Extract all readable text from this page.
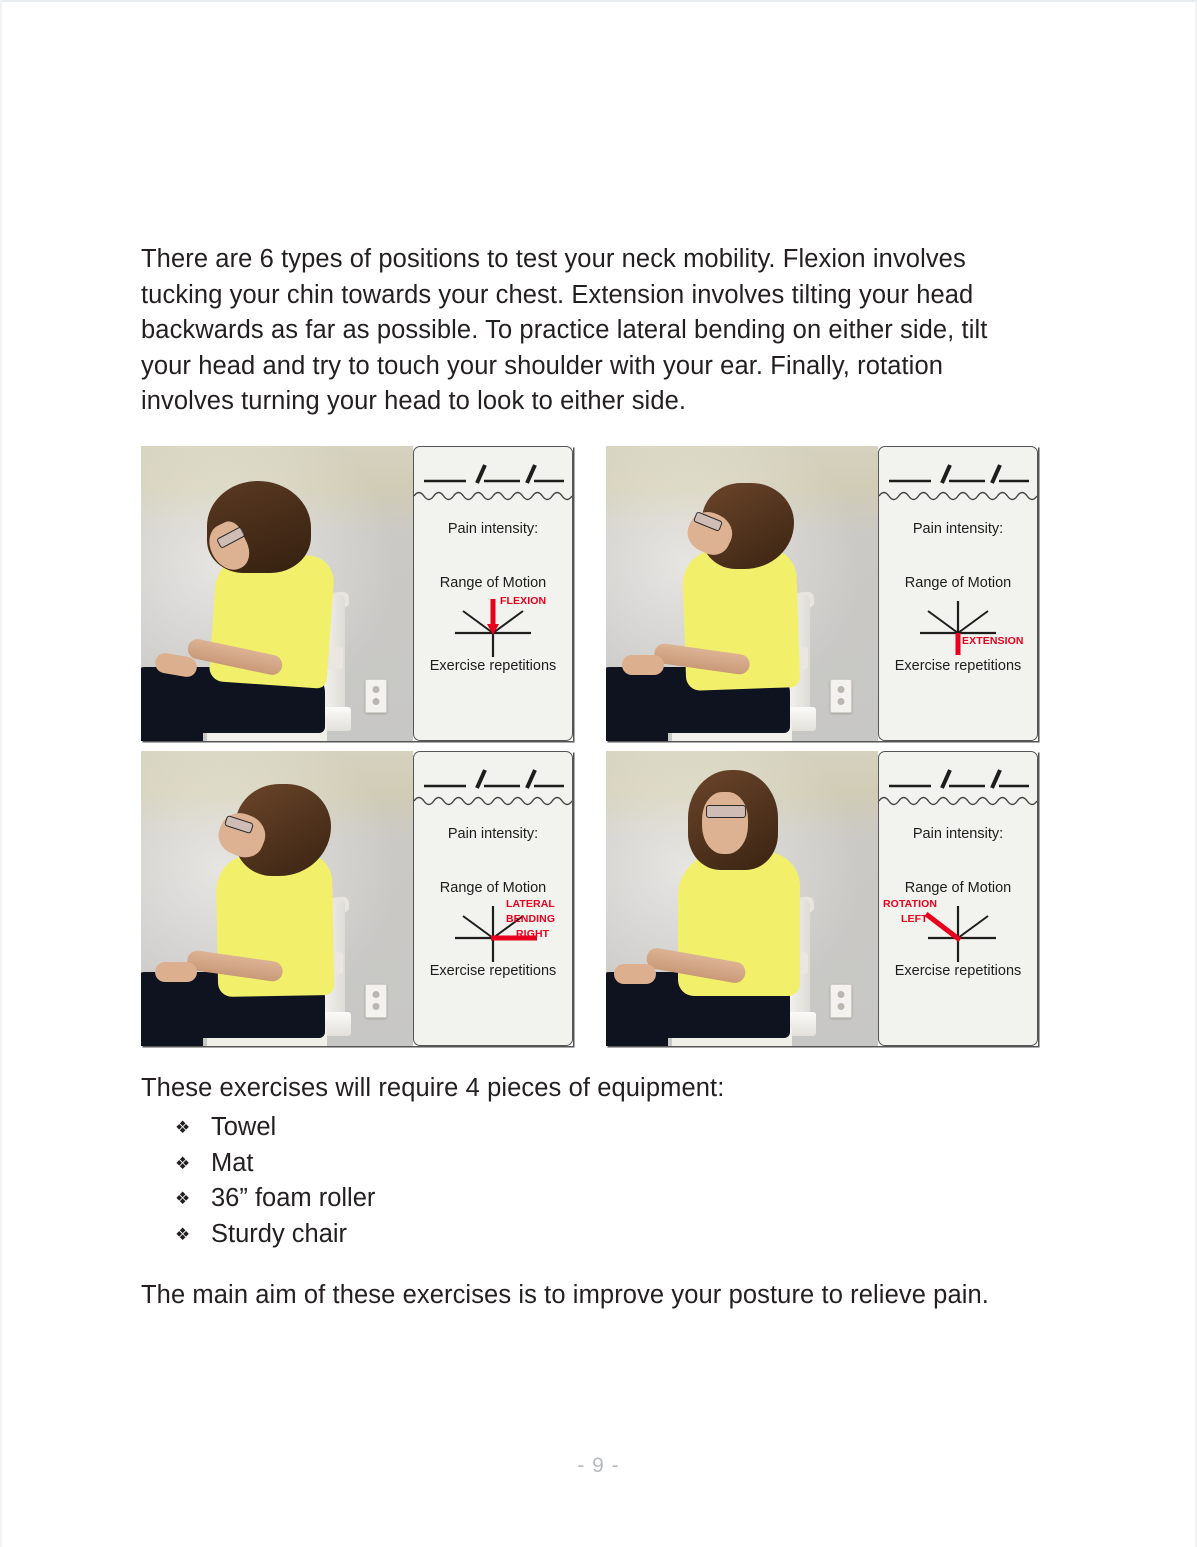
There are 6 types of positions to test your neck mobility. Flexion involves tucking your chin towards your chest. Extension involves tilting your head backwards as far as possible. To practice lateral bending on either side, tilt your head and try to touch your shoulder with your ear. Finally, rotation involves turning your head to look to either side.

Pain intensity:
Range of Motion
FLEXION
Exercise repetitions
Pain intensity:
Range of Motion
EXTENSION
Exercise repetitions
Pain intensity:
Range of Motion
LATERAL
BENDING
RIGHT
Exercise repetitions
Pain intensity:
Range of Motion
ROTATION
LEFT
Exercise repetitions

These exercises will require 4 pieces of equipment:

❖ Towel
❖ Mat
❖ 36” foam roller
❖ Sturdy chair

The main aim of these exercises is to improve your posture to relieve pain.

- 9 -
